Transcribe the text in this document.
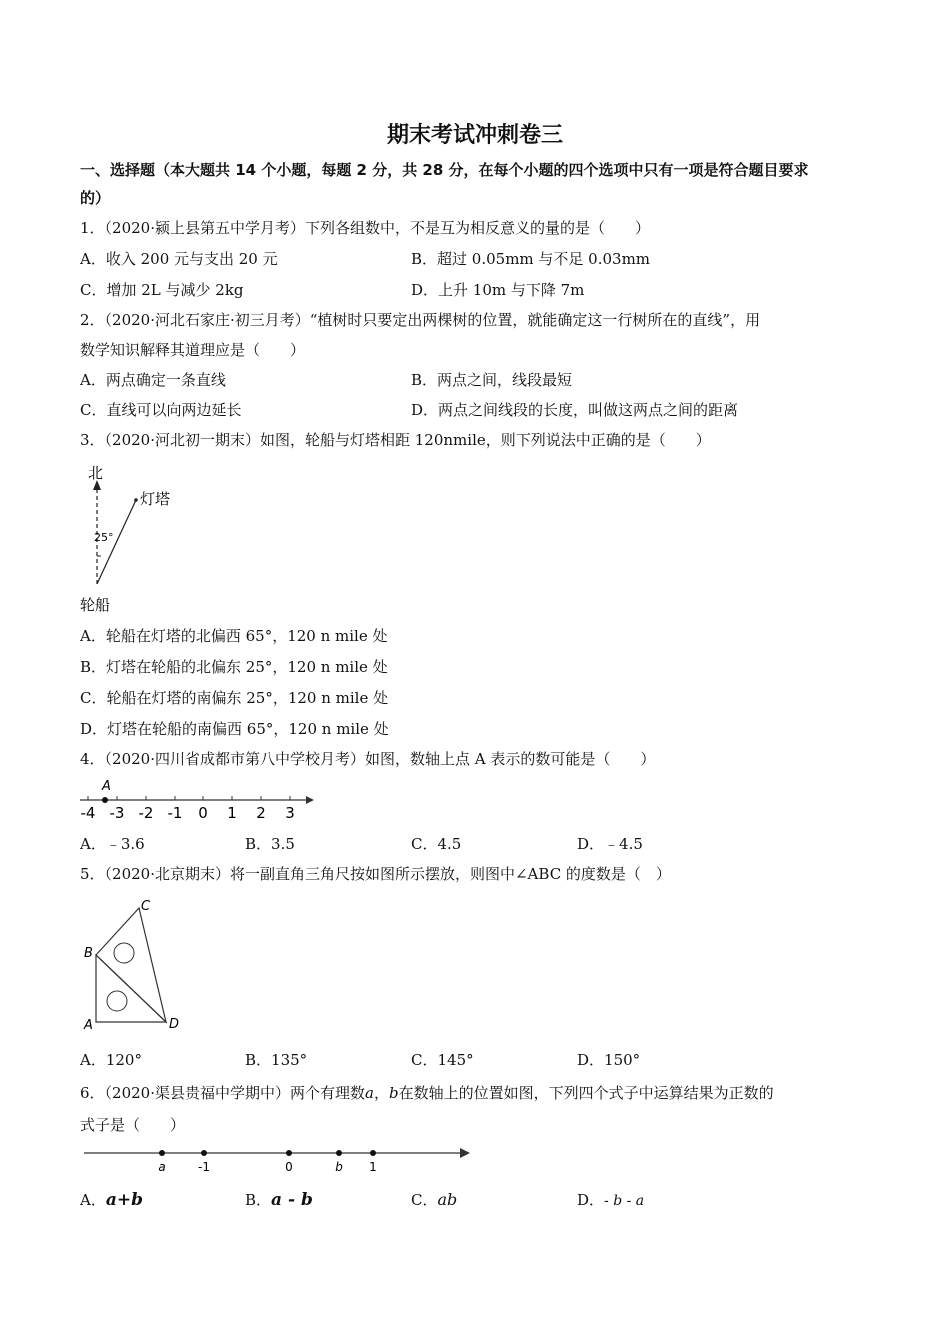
期末考试冲刺卷三
一、选择题（本大题共 14 个小题，每题 2 分，共 28 分，在每个小题的四个选项中只有一项是符合题目要求
的）
1．（2020·颍上县第五中学月考）下列各组数中，不是互为相反意义的量的是（　　）
A．收入 200 元与支出 20 元	B．超过 0.05mm 与不足 0.03mm
C．增加 2L 与减少 2kg	D．上升 10m 与下降 7m
2．（2020·河北石家庄·初三月考）“植树时只要定出两棵树的位置，就能确定这一行树所在的直线”，用
数学知识解释其道理应是（　　）
A．两点确定一条直线	B．两点之间，线段最短
C．直线可以向两边延长	D．两点之间线段的长度，叫做这两点之间的距离
3．（2020·河北初一期末）如图，轮船与灯塔相距 120nmile，则下列说法中正确的是（　　）
北
灯塔
25°
轮船
A．轮船在灯塔的北偏西 65°，120 n mile 处
B．灯塔在轮船的北偏东 25°，120 n mile 处
C．轮船在灯塔的南偏东 25°，120 n mile 处
D．灯塔在轮船的南偏西 65°，120 n mile 处
4．（2020·四川省成都市第八中学校月考）如图，数轴上点 A 表示的数可能是（　　）
-4 -3 -2 -1 0 1 2 3
A
A．﹣3.6	B．3.5	C．4.5	D．﹣4.5
5．（2020·北京期末）将一副直角三角尺按如图所示摆放，则图中∠ABC 的度数是（　）
A
B
C
D
A．120°	B．135°	C．145°	D．150°
6．（2020·渠县贵福中学期中）两个有理数a，b在数轴上的位置如图，下列四个式子中运算结果为正数的
式子是（　　）
a	-1	0	b 1
A．a+b	B．a - b	C．ab	D．- b - a
